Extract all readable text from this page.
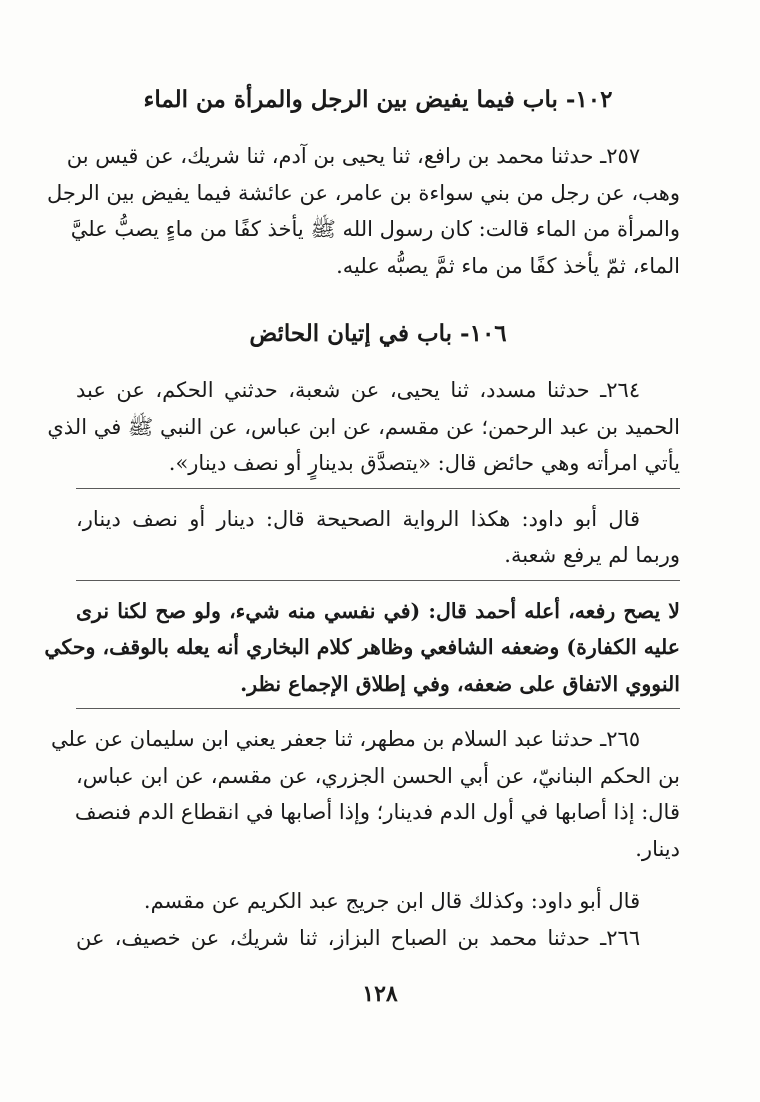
١٠٢- باب فيما يفيض بين الرجل والمرأة من الماء

٢٥٧ـ حدثنا محمد بن رافع، ثنا يحيى بن آدم، ثنا شريك، عن قيس بن
وهب، عن رجل من بني سواءة بن عامر، عن عائشة فيما يفيض بين الرجل
والمرأة من الماء قالت: كان رسول الله ﷺ يأخذ كفًا من ماءٍ يصبُّ عليَّ
الماء، ثمّ يأخذ كفًا من ماء ثمَّ يصبُّه عليه.

١٠٦- باب في إتيان الحائض

٢٦٤ـ حدثنا مسدد، ثنا يحيى، عن شعبة، حدثني الحكم، عن عبد
الحميد بن عبد الرحمن؛ عن مقسم، عن ابن عباس، عن النبي ﷺ في الذي
يأتي امرأته وهي حائض قال: «يتصدَّق بدينارٍ أو نصف دينار».

قال أبو داود: هكذا الرواية الصحيحة قال: دينار أو نصف دينار،
وربما لم يرفع شعبة.

لا يصح رفعه، أعله أحمد قال: (في نفسي منه شيء، ولو صح لكنا نرى
عليه الكفارة) وضعفه الشافعي وظاهر كلام البخاري أنه يعله بالوقف، وحكي
النووي الاتفاق على ضعفه، وفي إطلاق الإجماع نظر.

٢٦٥ـ حدثنا عبد السلام بن مطهر، ثنا جعفر يعني ابن سليمان عن علي
بن الحكم البنانيّ، عن أبي الحسن الجزري، عن مقسم، عن ابن عباس،
قال: إذا أصابها في أول الدم فدينار؛ وإذا أصابها في انقطاع الدم فنصف
دينار.

قال أبو داود: وكذلك قال ابن جريج عبد الكريم عن مقسم.

٢٦٦ـ حدثنا محمد بن الصباح البزاز، ثنا شريك، عن خصيف، عن

١٢٨
